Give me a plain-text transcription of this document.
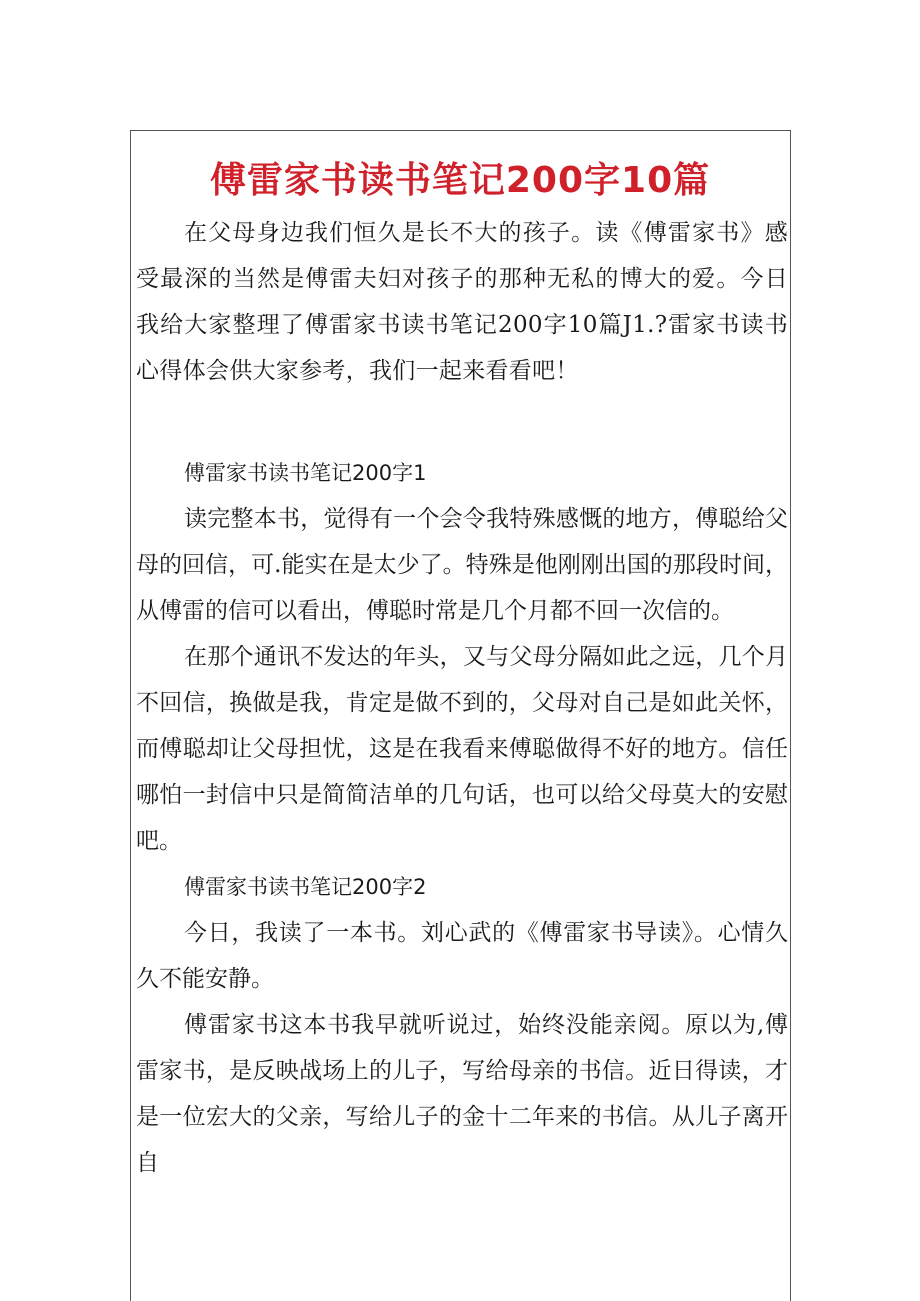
傅雷家书读书笔记200字10篇

在父母身边我们恒久是长不大的孩子。读《傅雷家书》感受最深的当然是傅雷夫妇对孩子的那种无私的博大的爱。今日我给大家整理了傅雷家书读书笔记200字10篇J1.?雷家书读书心得体会供大家参考，我们一起来看看吧！

傅雷家书读书笔记200字1

读完整本书，觉得有一个会令我特殊感慨的地方，傅聪给父母的回信，可.能实在是太少了。特殊是他刚刚出国的那段时间，从傅雷的信可以看出，傅聪时常是几个月都不回一次信的。

在那个通讯不发达的年头，又与父母分隔如此之远，几个月不回信，换做是我，肯定是做不到的，父母对自己是如此关怀，而傅聪却让父母担忧，这是在我看来傅聪做得不好的地方。信任哪怕一封信中只是简简洁单的几句话，也可以给父母莫大的安慰吧。

傅雷家书读书笔记200字2

今日，我读了一本书。刘心武的《傅雷家书导读》。心情久久不能安静。

傅雷家书这本书我早就听说过，始终没能亲阅。原以为,傅雷家书，是反映战场上的儿子，写给母亲的书信。近日得读，才是一位宏大的父亲，写给儿子的金十二年来的书信。从儿子离开自
